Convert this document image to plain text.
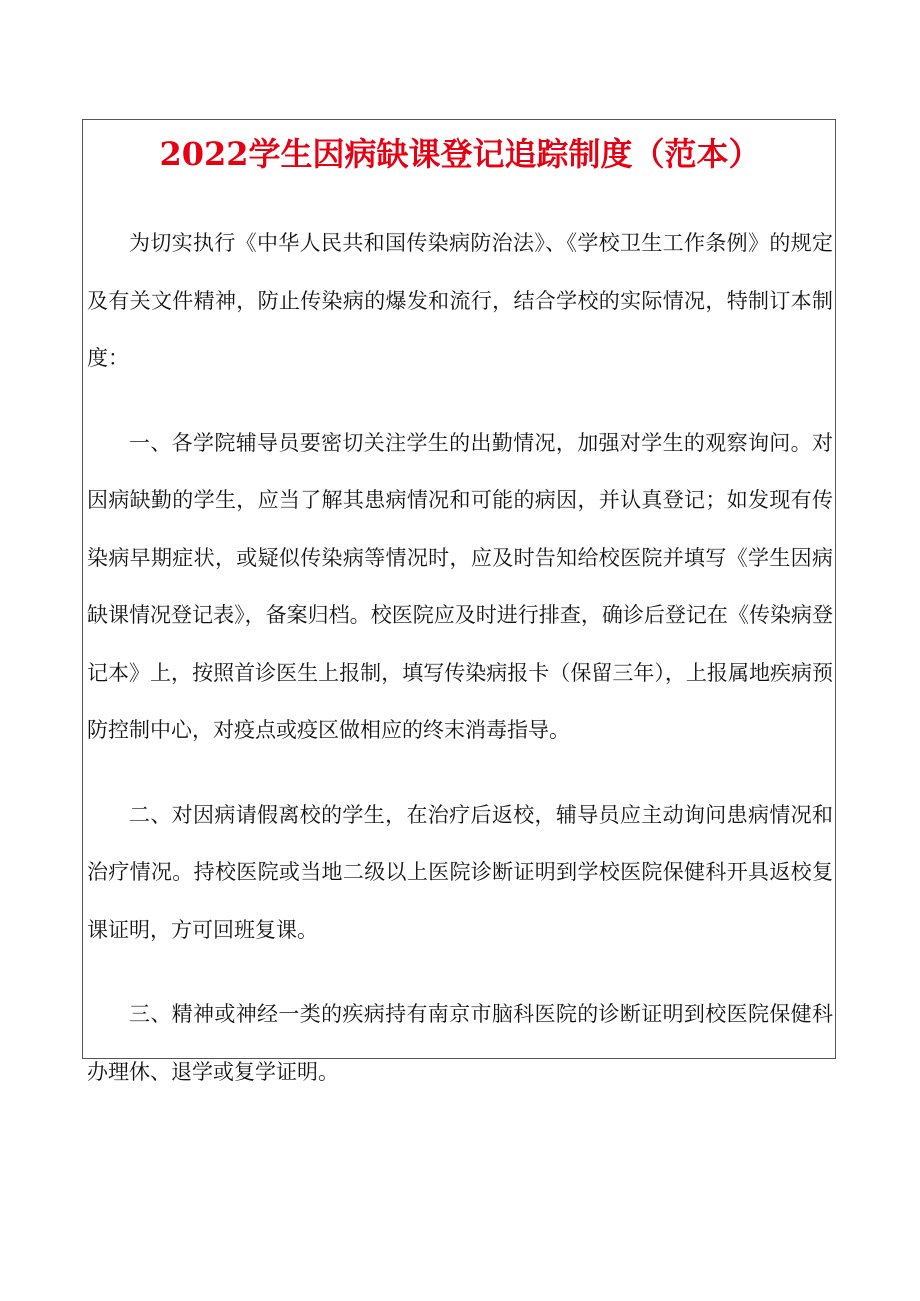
2022学生因病缺课登记追踪制度（范本）

为切实执行《中华人民共和国传染病防治法》、《学校卫生工作条例》的规定及有关文件精神，防止传染病的爆发和流行，结合学校的实际情况，特制订本制度：

一、各学院辅导员要密切关注学生的出勤情况，加强对学生的观察询问。对因病缺勤的学生，应当了解其患病情况和可能的病因，并认真登记；如发现有传染病早期症状，或疑似传染病等情况时，应及时告知给校医院并填写《学生因病缺课情况登记表》，备案归档。校医院应及时进行排查，确诊后登记在《传染病登记本》上，按照首诊医生上报制，填写传染病报卡（保留三年），上报属地疾病预防控制中心，对疫点或疫区做相应的终末消毒指导。

二、对因病请假离校的学生，在治疗后返校，辅导员应主动询问患病情况和治疗情况。持校医院或当地二级以上医院诊断证明到学校医院保健科开具返校复课证明，方可回班复课。

三、精神或神经一类的疾病持有南京市脑科医院的诊断证明到校医院保健科办理休、退学或复学证明。
